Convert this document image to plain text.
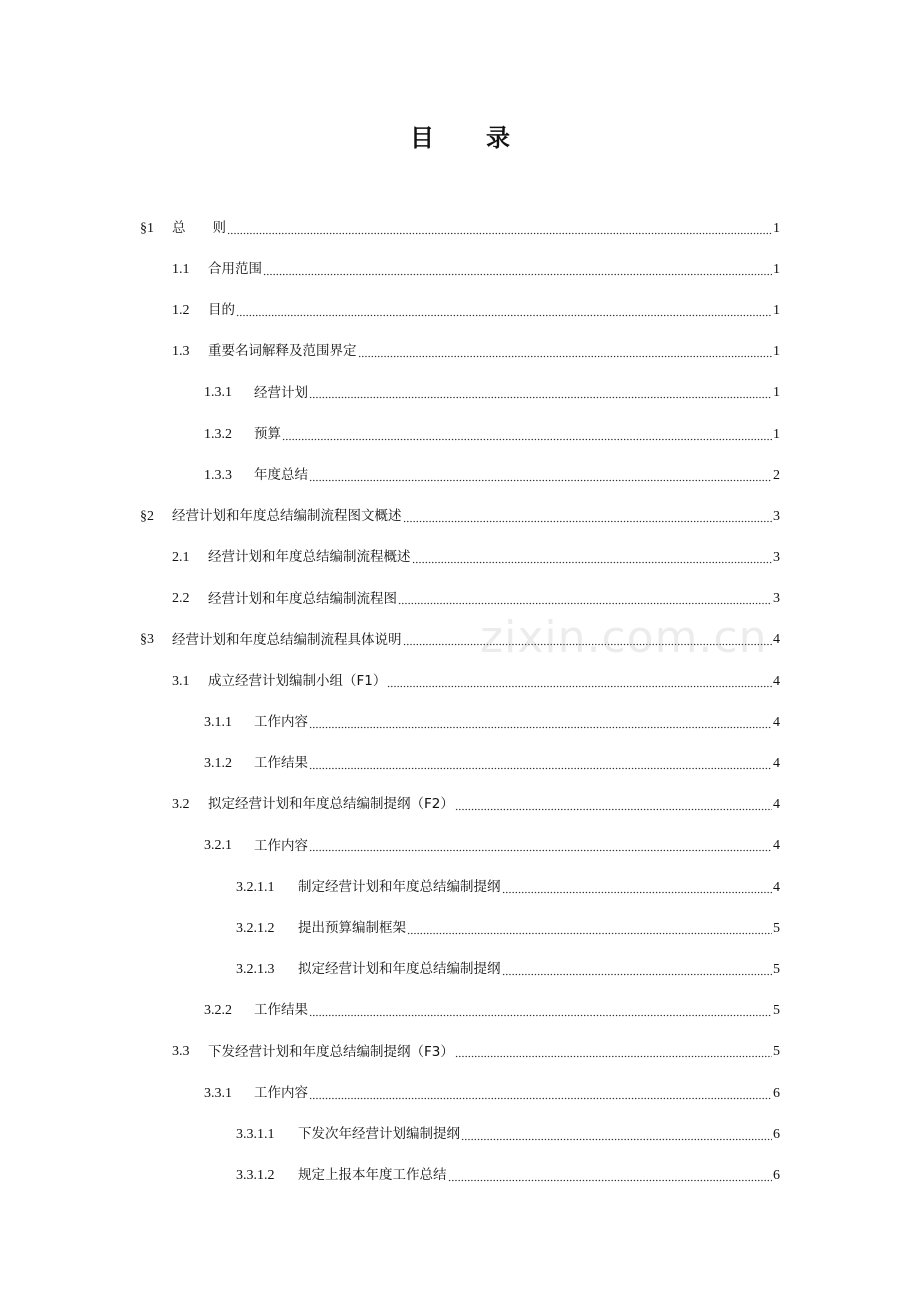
目 录
§1	总　　则	1
1.1	合用范围	1
1.2	目的	1
1.3	重要名词解释及范围界定	1
1.3.1	经营计划	1
1.3.2	预算	1
1.3.3	年度总结	2
§2	经营计划和年度总结编制流程图文概述	3
2.1	经营计划和年度总结编制流程概述	3
2.2	经营计划和年度总结编制流程图	3
§3	经营计划和年度总结编制流程具体说明	4
3.1	成立经营计划编制小组（F1）	4
3.1.1	工作内容	4
3.1.2	工作结果	4
3.2	拟定经营计划和年度总结编制提纲（F2）	4
3.2.1	工作内容	4
3.2.1.1	制定经营计划和年度总结编制提纲	4
3.2.1.2	提出预算编制框架	5
3.2.1.3	拟定经营计划和年度总结编制提纲	5
3.2.2	工作结果	5
3.3	下发经营计划和年度总结编制提纲（F3）	5
3.3.1	工作内容	6
3.3.1.1	下发次年经营计划编制提纲	6
3.3.1.2	规定上报本年度工作总结	6
